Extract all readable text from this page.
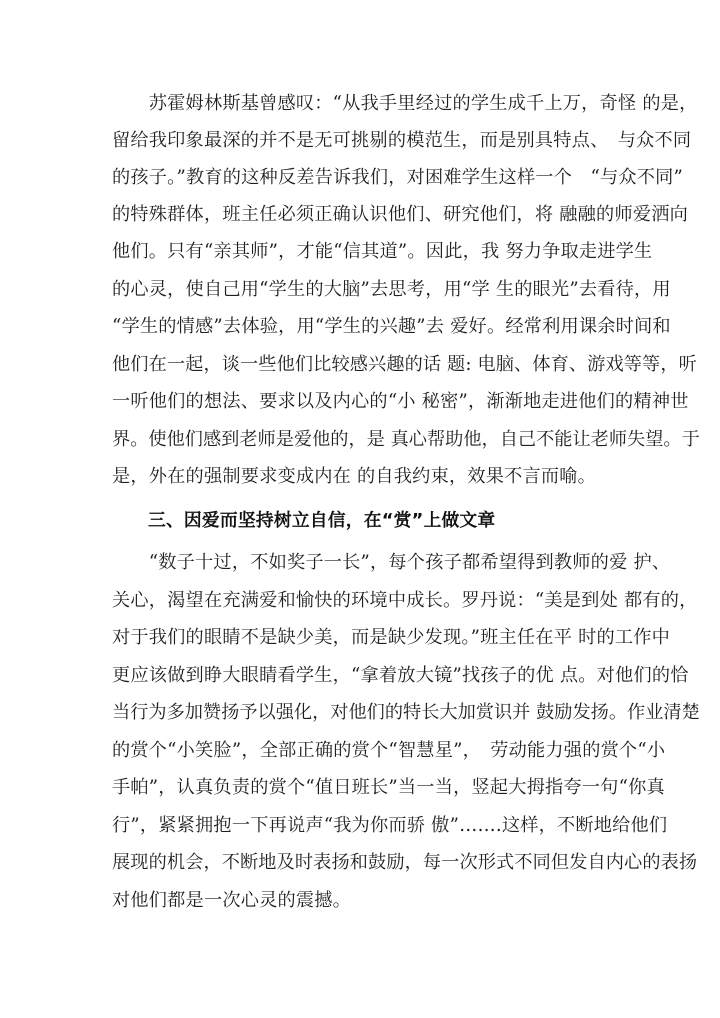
　　苏霍姆林斯基曾感叹：“从我手里经过的学生成千上万，奇怪 的是，
留给我印象最深的并不是无可挑剔的模范生，而是别具特点、　与众不同
的孩子。”教育的这种反差告诉我们，对困难学生这样一个　“与众不同”
的特殊群体，班主任必须正确认识他们、研究他们，将 融融的师爱洒向
他们。只有“亲其师”，才能“信其道”。因此，我 努力争取走进学生
的心灵，使自己用“学生的大脑”去思考，用“学 生的眼光”去看待，用
“学生的情感”去体验，用“学生的兴趣”去 爱好。经常利用课余时间和
他们在一起，谈一些他们比较感兴趣的话 题: 电脑、体育、游戏等等，听
一听他们的想法、要求以及内心的“小 秘密”，渐渐地走进他们的精神世
界。使他们感到老师是爱他的，是 真心帮助他，自己不能让老师失望。于
是，外在的强制要求变成内在 的自我约束，效果不言而喻。
　　三、因爱而坚持树立自信，在“赏”上做文章
　　“数子十过，不如奖子一长”，每个孩子都希望得到教师的爱 护、
关心，渴望在充满爱和愉快的环境中成长。罗丹说：“美是到处 都有的，
对于我们的眼睛不是缺少美，而是缺少发现。”班主任在平 时的工作中
更应该做到睁大眼睛看学生，“拿着放大镜”找孩子的优 点。对他们的恰
当行为多加赞扬予以强化，对他们的特长大加赏识并 鼓励发扬。作业清楚
的赏个“小笑脸”，全部正确的赏个“智慧星”，　劳动能力强的赏个“小
手帕”，认真负责的赏个“值日班长”当一当，竖起大拇指夸一句“你真
行”，紧紧拥抱一下再说声“我为你而骄 傲”…….这样，不断地给他们
展现的机会，不断地及时表扬和鼓励，每一次形式不同但发自内心的表扬
对他们都是一次心灵的震撼。
